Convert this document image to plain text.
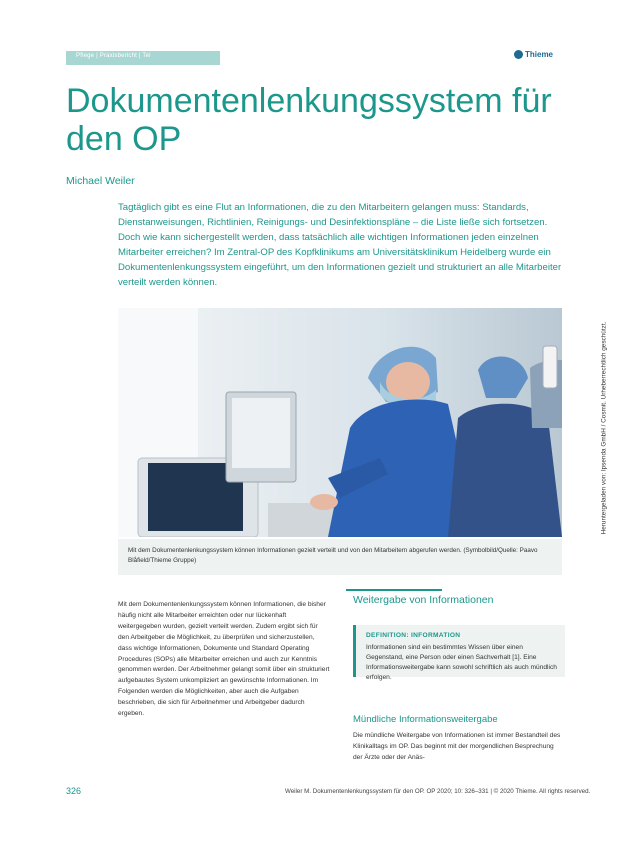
Pflege | Praxisbericht | Tel	Thieme
Dokumentenlenkungssystem für den OP
Michael Weiler

Tagtäglich gibt es eine Flut an Informationen, die zu den Mitarbeitern gelangen muss: Standards, Dienstanweisungen, Richtlinien, Reinigungs- und Desinfektionspläne – die Liste ließe sich fortsetzen. Doch wie kann sichergestellt werden, dass tatsächlich alle wichtigen Informationen jeden einzelnen Mitarbeiter erreichen? Im Zentral-OP des Kopfklinikums am Universitätsklinikum Heidelberg wurde ein Dokumentenlenkungssystem eingeführt, um den Informationen gezielt und strukturiert an alle Mitarbeiter verteilt werden können.

Mit dem Dokumentenlenkungssystem können Informationen gezielt verteilt und von den Mitarbeitern abgerufen werden. (Symbolbild/Quelle: Paavo Blåfield/Thieme Gruppe)

Heruntergeladen von: Ipsenda GmbH / Cosmit. Urheberrechtlich geschützt.

Mit dem Dokumentenlenkungssystem können Informationen, die bisher häufig nicht alle Mitarbeiter erreichten oder nur lückenhaft weitergegeben wurden, gezielt verteilt werden. Zudem ergibt sich für den Arbeitgeber die Möglichkeit, zu überprüfen und sicherzustellen, dass wichtige Informationen, Dokumente und Standard Operating Procedures (SOPs) alle Mitarbeiter erreichen und auch zur Kenntnis genommen werden. Der Arbeitnehmer gelangt somit über ein strukturiert aufgebautes System unkompliziert an gewünschte Informationen. Im Folgenden werden die Möglichkeiten, aber auch die Aufgaben beschrieben, die sich für Arbeitnehmer und Arbeitgeber dadurch ergeben.

Weitergabe von Informationen
DEFINITION: INFORMATION

Informationen sind ein bestimmtes Wissen über einen Gegenstand, eine Person oder einen Sachverhalt [1]. Eine Informationsweitergabe kann sowohl schriftlich als auch mündlich erfolgen.

Mündliche Informationsweitergabe

Die mündliche Weitergabe von Informationen ist immer Bestandteil des Klinikalltags im OP. Das beginnt mit der morgendlichen Besprechung der Ärzte oder der Anäs-

326	Weiler M. Dokumentenlenkungssystem für den OP. OP 2020; 10: 326–331 | © 2020 Thieme. All rights reserved.
